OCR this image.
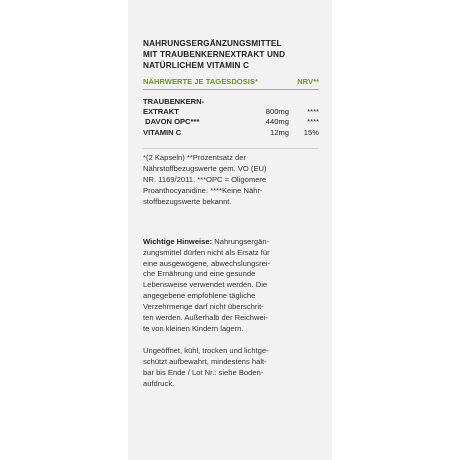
NAHRUNGSERGÄNZUNGSMITTEL
MIT TRAUBENKERNEXTRAKT UND
NATÜRLICHEM VITAMIN C
NÄHRWERTE JE TAGESDOSIS*	NRV**
TRAUBENKERN-
EXTRAKT	800mg	****
DAVON OPC***	440mg	****
VITAMIN C	12mg	15%
*(2 Kapseln) **Prozentsatz der
Nährstoffbezugswerte gem. VO (EU)
NR. 1169/2011. ***OPC = Oligomere
Proanthocyanidine. ****Keine Nähr-
stoffbezugswerte bekannt.
Wichtige Hinweise: Nahrungsergän-
zungsmittel dürfen nicht als Ersatz für
eine ausgewogene, abwechslungsrei-
che Ernährung und eine gesunde
Lebensweise verwendet werden. Die
angegebene empfohlene tägliche
Verzehrmenge darf nicht überschrit-
ten werden. Außerhalb der Reichwei-
te von kleinen Kindern lagern.
Ungeöffnet, kühl, trocken und lichtge-
schützt aufbewahrt, mindestens halt-
bar bis Ende / Lot Nr.: siehe Boden-
aufdruck.
